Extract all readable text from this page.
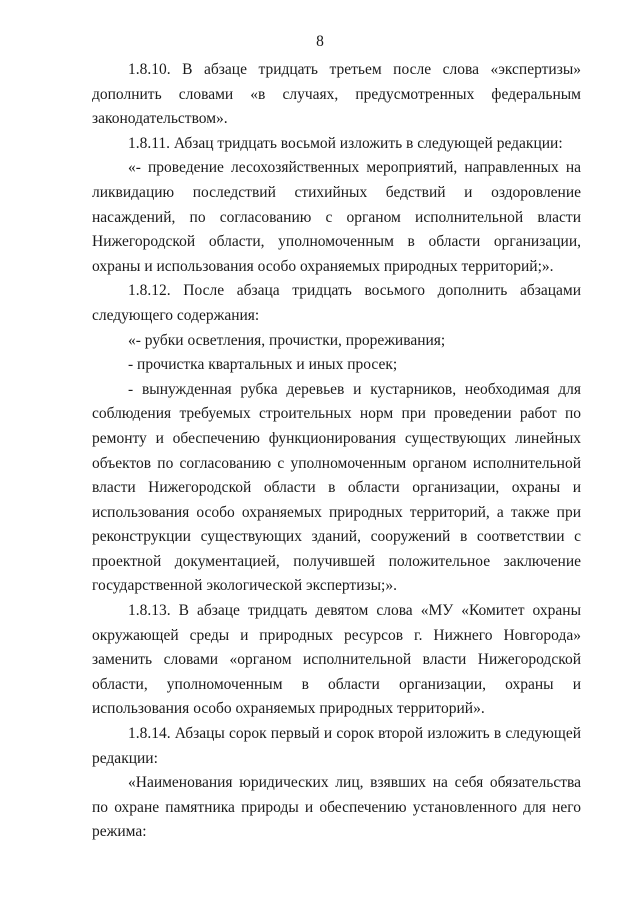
8

1.8.10. В абзаце тридцать третьем после слова «экспертизы» дополнить словами «в случаях, предусмотренных федеральным законодательством».

1.8.11. Абзац тридцать восьмой изложить в следующей редакции:

«- проведение лесохозяйственных мероприятий, направленных на ликвидацию последствий стихийных бедствий и оздоровление насаждений, по согласованию с органом исполнительной власти Нижегородской области, уполномоченным в области организации, охраны и использования особо охраняемых природных территорий;».

1.8.12. После абзаца тридцать восьмого дополнить абзацами следующего содержания:

«- рубки осветления, прочистки, прореживания;

- прочистка квартальных и иных просек;

- вынужденная рубка деревьев и кустарников, необходимая для соблюдения требуемых строительных норм при проведении работ по ремонту и обеспечению функционирования существующих линейных объектов по согласованию с уполномоченным органом исполнительной власти Нижегородской области в области организации, охраны и использования особо охраняемых природных территорий, а также при реконструкции существующих зданий, сооружений в соответствии с проектной документацией, получившей положительное заключение государственной экологической экспертизы;».

1.8.13. В абзаце тридцать девятом слова «МУ «Комитет охраны окружающей среды и природных ресурсов г. Нижнего Новгорода» заменить словами «органом исполнительной власти Нижегородской области, уполномоченным в области организации, охраны и использования особо охраняемых природных территорий».

1.8.14. Абзацы сорок первый и сорок второй изложить в следующей редакции:

«Наименования юридических лиц, взявших на себя обязательства по охране памятника природы и обеспечению установленного для него режима:
